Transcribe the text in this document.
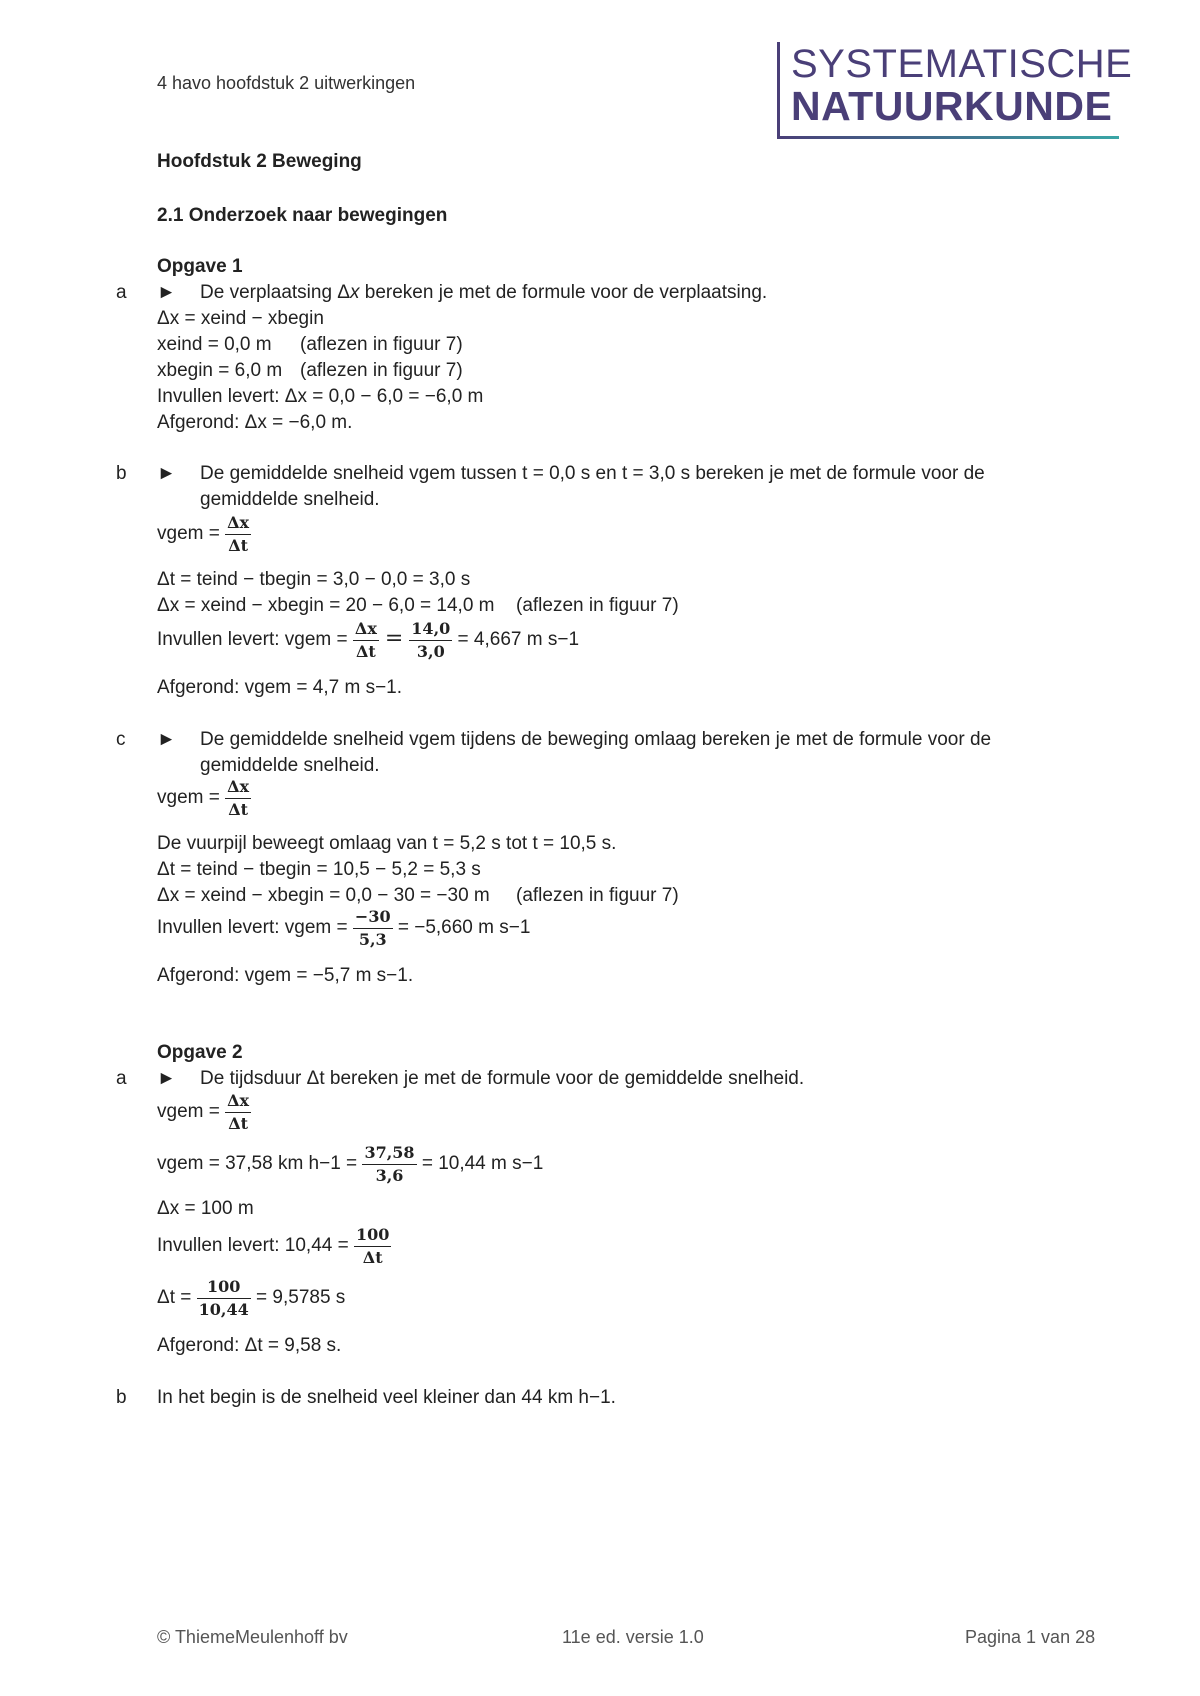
4 havo hoofdstuk 2 uitwerkingen	SYSTEMATISCHE
NATUURKUNDE
Hoofdstuk 2 Beweging
2.1 Onderzoek naar bewegingen
Opgave 1
a ► De verplaatsing Δx bereken je met de formule voor de verplaatsing.
Δx = xeind − xbegin
xeind = 0,0 m (aflezen in figuur 7)
xbegin = 6,0 m (aflezen in figuur 7)
Invullen levert: Δx = 0,0 − 6,0 = −6,0 m
Afgerond: Δx = −6,0 m.
b ► De gemiddelde snelheid vgem tussen t = 0,0 s en t = 3,0 s bereken je met de formule voor de
gemiddelde snelheid.
vgem = $\frac{\Delta x}{\Delta t}$
Δt = teind − tbegin = 3,0 − 0,0 = 3,0 s
Δx = xeind − xbegin = 20 − 6,0 = 14,0 m (aflezen in figuur 7)
Invullen levert: vgem = $\frac{\Delta x}{\Delta t} = \frac{14,0}{3,0} = 4,667$ m s−1
Afgerond: vgem = 4,7 m s−1.
c ► De gemiddelde snelheid vgem tijdens de beweging omlaag bereken je met de formule voor de
gemiddelde snelheid.
vgem = $\frac{\Delta x}{\Delta t}$
De vuurpijl beweegt omlaag van t = 5,2 s tot t = 10,5 s.
Δt = teind − tbegin = 10,5 − 5,2 = 5,3 s
Δx = xeind − xbegin = 0,0 − 30 = −30 m (aflezen in figuur 7)
Invullen levert: vgem = $\frac{-30}{5,3} = -5,660$ m s−1
Afgerond: vgem = −5,7 m s−1.
Opgave 2
a ► De tijdsduur Δt bereken je met de formule voor de gemiddelde snelheid.
vgem = $\frac{\Delta x}{\Delta t}$
vgem = 37,58 km $h-1 = \frac{37,58}{3,6} = 10,44$ m s−1
Δx = 100 m
Invullen levert: $10,44 = \frac{100}{\Delta t}$
$\Delta t = \frac{100}{10,44} = 9,5785$ s
Afgerond: Δt = 9,58 s.
b In het begin is de snelheid veel kleiner dan 44 km h−1.
© ThiemeMeulenhoff bv	11e ed. versie 1.0	Pagina 1 van 28
